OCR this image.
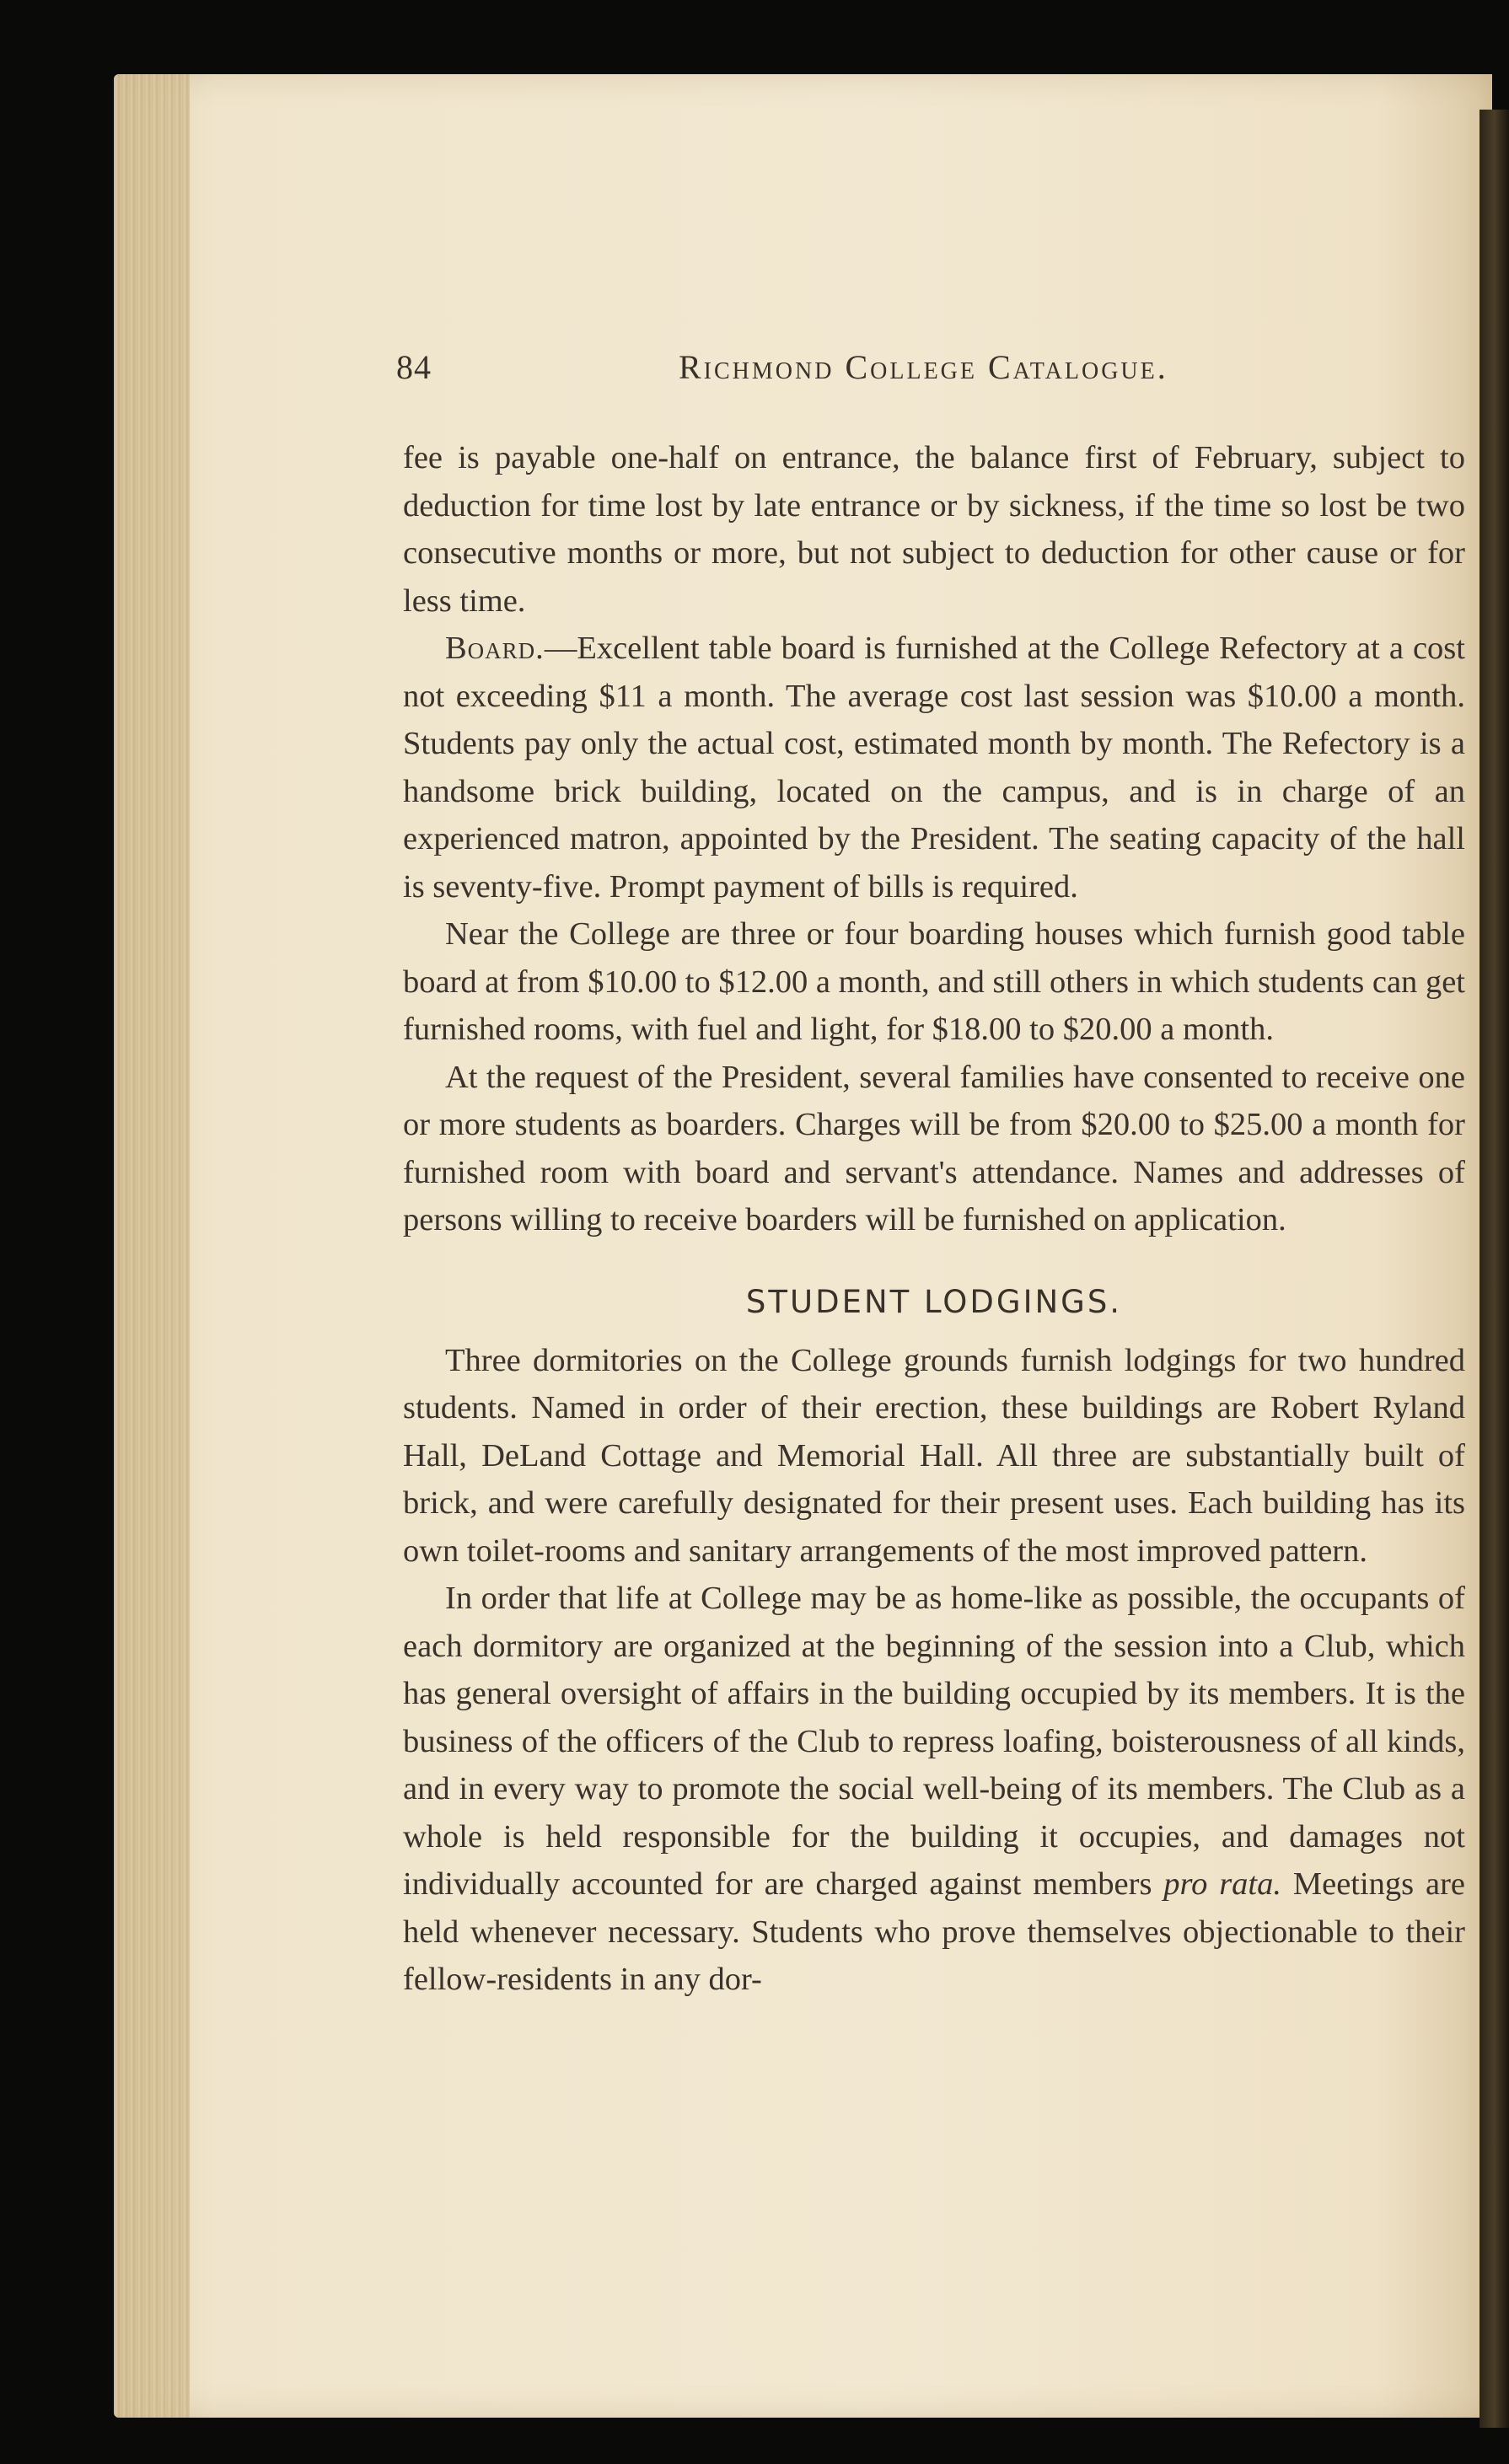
84	Richmond College Catalogue.

fee is payable one-half on entrance, the balance first of February, subject to deduction for time lost by late entrance or by sickness, if the time so lost be two consecutive months or more, but not subject to deduction for other cause or for less time.

Board.—Excellent table board is furnished at the College Refectory at a cost not exceeding $11 a month. The average cost last session was $10.00 a month. Students pay only the actual cost, estimated month by month. The Refectory is a handsome brick building, located on the campus, and is in charge of an experienced matron, appointed by the President. The seating capacity of the hall is seventy-five. Prompt payment of bills is required.

Near the College are three or four boarding houses which furnish good table board at from $10.00 to $12.00 a month, and still others in which students can get furnished rooms, with fuel and light, for $18.00 to $20.00 a month.

At the request of the President, several families have consented to receive one or more students as boarders. Charges will be from $20.00 to $25.00 a month for furnished room with board and servant's attendance. Names and addresses of persons willing to receive boarders will be furnished on application.

STUDENT LODGINGS.

Three dormitories on the College grounds furnish lodgings for two hundred students. Named in order of their erection, these buildings are Robert Ryland Hall, DeLand Cottage and Memorial Hall. All three are substantially built of brick, and were carefully designated for their present uses. Each building has its own toilet-rooms and sanitary arrangements of the most improved pattern.

In order that life at College may be as home-like as possible, the occupants of each dormitory are organized at the beginning of the session into a Club, which has general oversight of affairs in the building occupied by its members. It is the business of the officers of the Club to repress loafing, boisterousness of all kinds, and in every way to promote the social well-being of its members. The Club as a whole is held responsible for the building it occupies, and damages not individually accounted for are charged against members pro rata. Meetings are held whenever necessary. Students who prove themselves objectionable to their fellow-residents in any dor-
